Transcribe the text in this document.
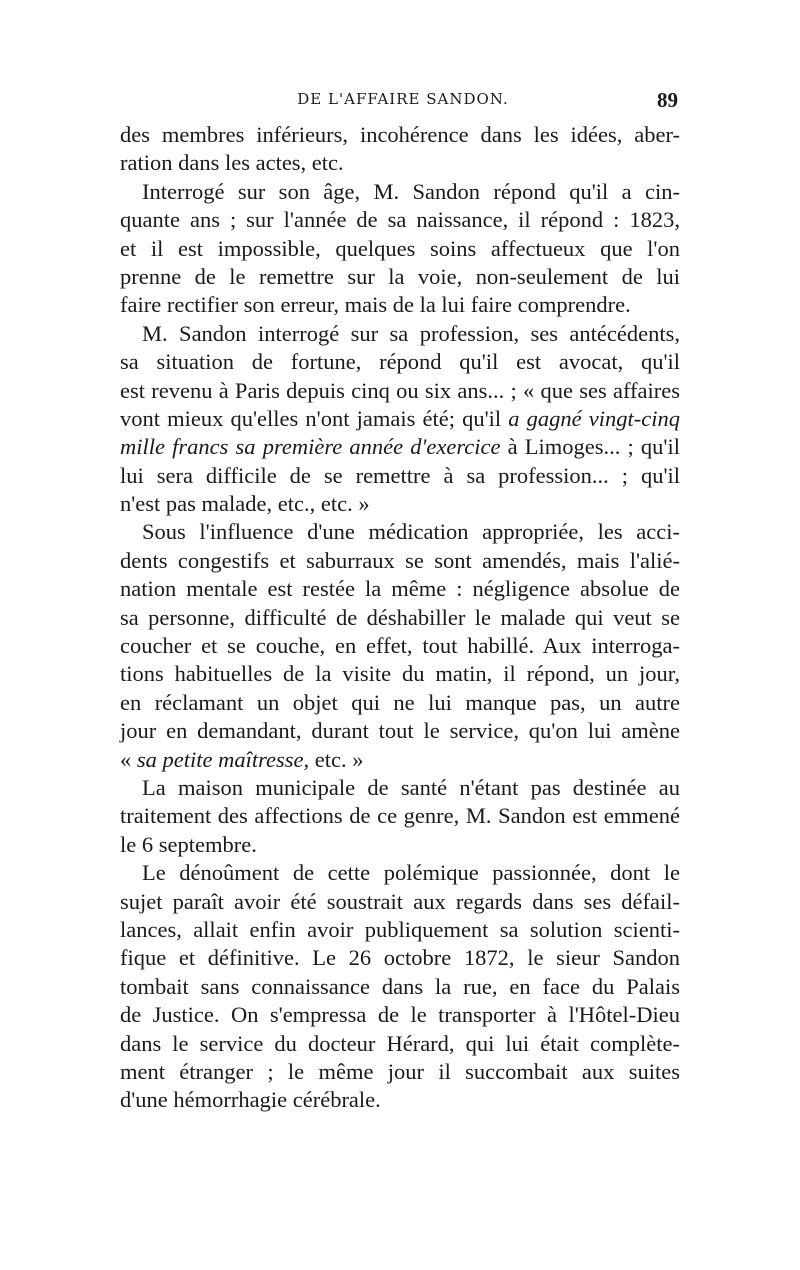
DE L'AFFAIRE SANDON.	89
des membres inférieurs, incohérence dans les idées, aber-
ration dans les actes, etc.
Interrogé sur son âge, M. Sandon répond qu'il a cin-
quante ans ; sur l'année de sa naissance, il répond : 1823,
et il est impossible, quelques soins affectueux que l'on
prenne de le remettre sur la voie, non-seulement de lui
faire rectifier son erreur, mais de la lui faire comprendre.
M. Sandon interrogé sur sa profession, ses antécédents,
sa situation de fortune, répond qu'il est avocat, qu'il
est revenu à Paris depuis cinq ou six ans... ; « que ses affaires
vont mieux qu'elles n'ont jamais été; qu'il a gagné vingt-cinq
mille francs sa première année d'exercice à Limoges... ; qu'il
lui sera difficile de se remettre à sa profession... ; qu'il
n'est pas malade, etc., etc. »
Sous l'influence d'une médication appropriée, les acci-
dents congestifs et saburraux se sont amendés, mais l'alié-
nation mentale est restée la même : négligence absolue de
sa personne, difficulté de déshabiller le malade qui veut se
coucher et se couche, en effet, tout habillé. Aux interroga-
tions habituelles de la visite du matin, il répond, un jour,
en réclamant un objet qui ne lui manque pas, un autre
jour en demandant, durant tout le service, qu'on lui amène
« sa petite maîtresse, etc. »
La maison municipale de santé n'étant pas destinée au
traitement des affections de ce genre, M. Sandon est emmené
le 6 septembre.
Le dénoûment de cette polémique passionnée, dont le
sujet paraît avoir été soustrait aux regards dans ses défail-
lances, allait enfin avoir publiquement sa solution scienti-
fique et définitive. Le 26 octobre 1872, le sieur Sandon
tombait sans connaissance dans la rue, en face du Palais
de Justice. On s'empressa de le transporter à l'Hôtel-Dieu
dans le service du docteur Hérard, qui lui était complète-
ment étranger ; le même jour il succombait aux suites
d'une hémorrhagie cérébrale.
